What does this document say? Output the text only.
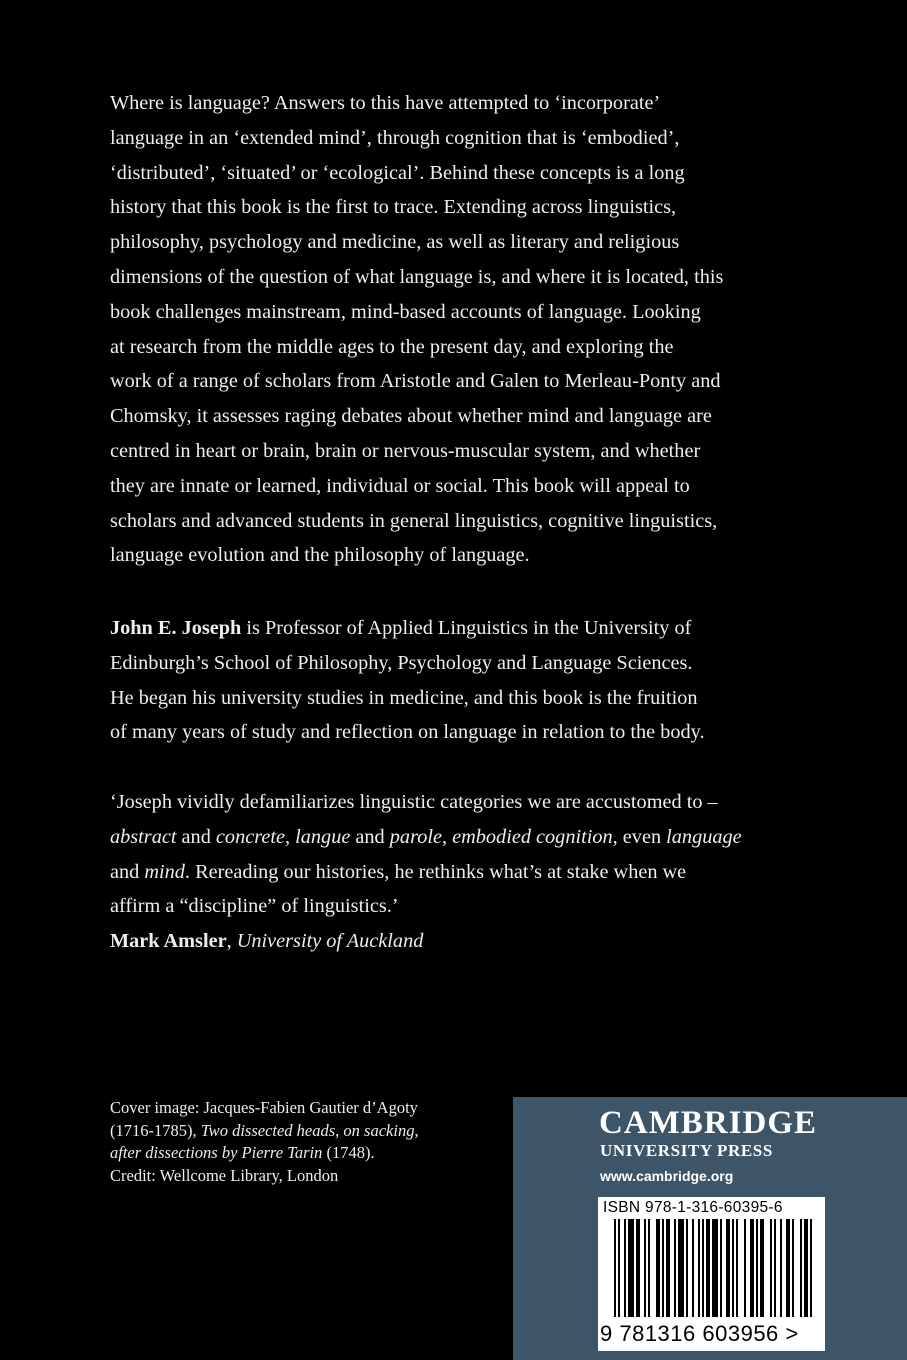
Where is language? Answers to this have attempted to ‘incorporate’
language in an ‘extended mind’, through cognition that is ‘embodied’,
‘distributed’, ‘situated’ or ‘ecological’. Behind these concepts is a long
history that this book is the first to trace. Extending across linguistics,
philosophy, psychology and medicine, as well as literary and religious
dimensions of the question of what language is, and where it is located, this
book challenges mainstream, mind-based accounts of language. Looking
at research from the middle ages to the present day, and exploring the
work of a range of scholars from Aristotle and Galen to Merleau-Ponty and
Chomsky, it assesses raging debates about whether mind and language are
centred in heart or brain, brain or nervous-muscular system, and whether
they are innate or learned, individual or social. This book will appeal to
scholars and advanced students in general linguistics, cognitive linguistics,
language evolution and the philosophy of language.
John E. Joseph is Professor of Applied Linguistics in the University of
Edinburgh’s School of Philosophy, Psychology and Language Sciences.
He began his university studies in medicine, and this book is the fruition
of many years of study and reflection on language in relation to the body.
‘Joseph vividly defamiliarizes linguistic categories we are accustomed to –
abstract and concrete, langue and parole, embodied cognition, even language
and mind. Rereading our histories, he rethinks what’s at stake when we
affirm a “discipline” of linguistics.’
Mark Amsler, University of Auckland
Cover image: Jacques-Fabien Gautier d’Agoty
(1716-1785), Two dissected heads, on sacking,
after dissections by Pierre Tarin (1748).
Credit: Wellcome Library, London
CAMBRIDGE
UNIVERSITY PRESS
www.cambridge.org
ISBN 978-1-316-60395-6
9 781316 603956 >
